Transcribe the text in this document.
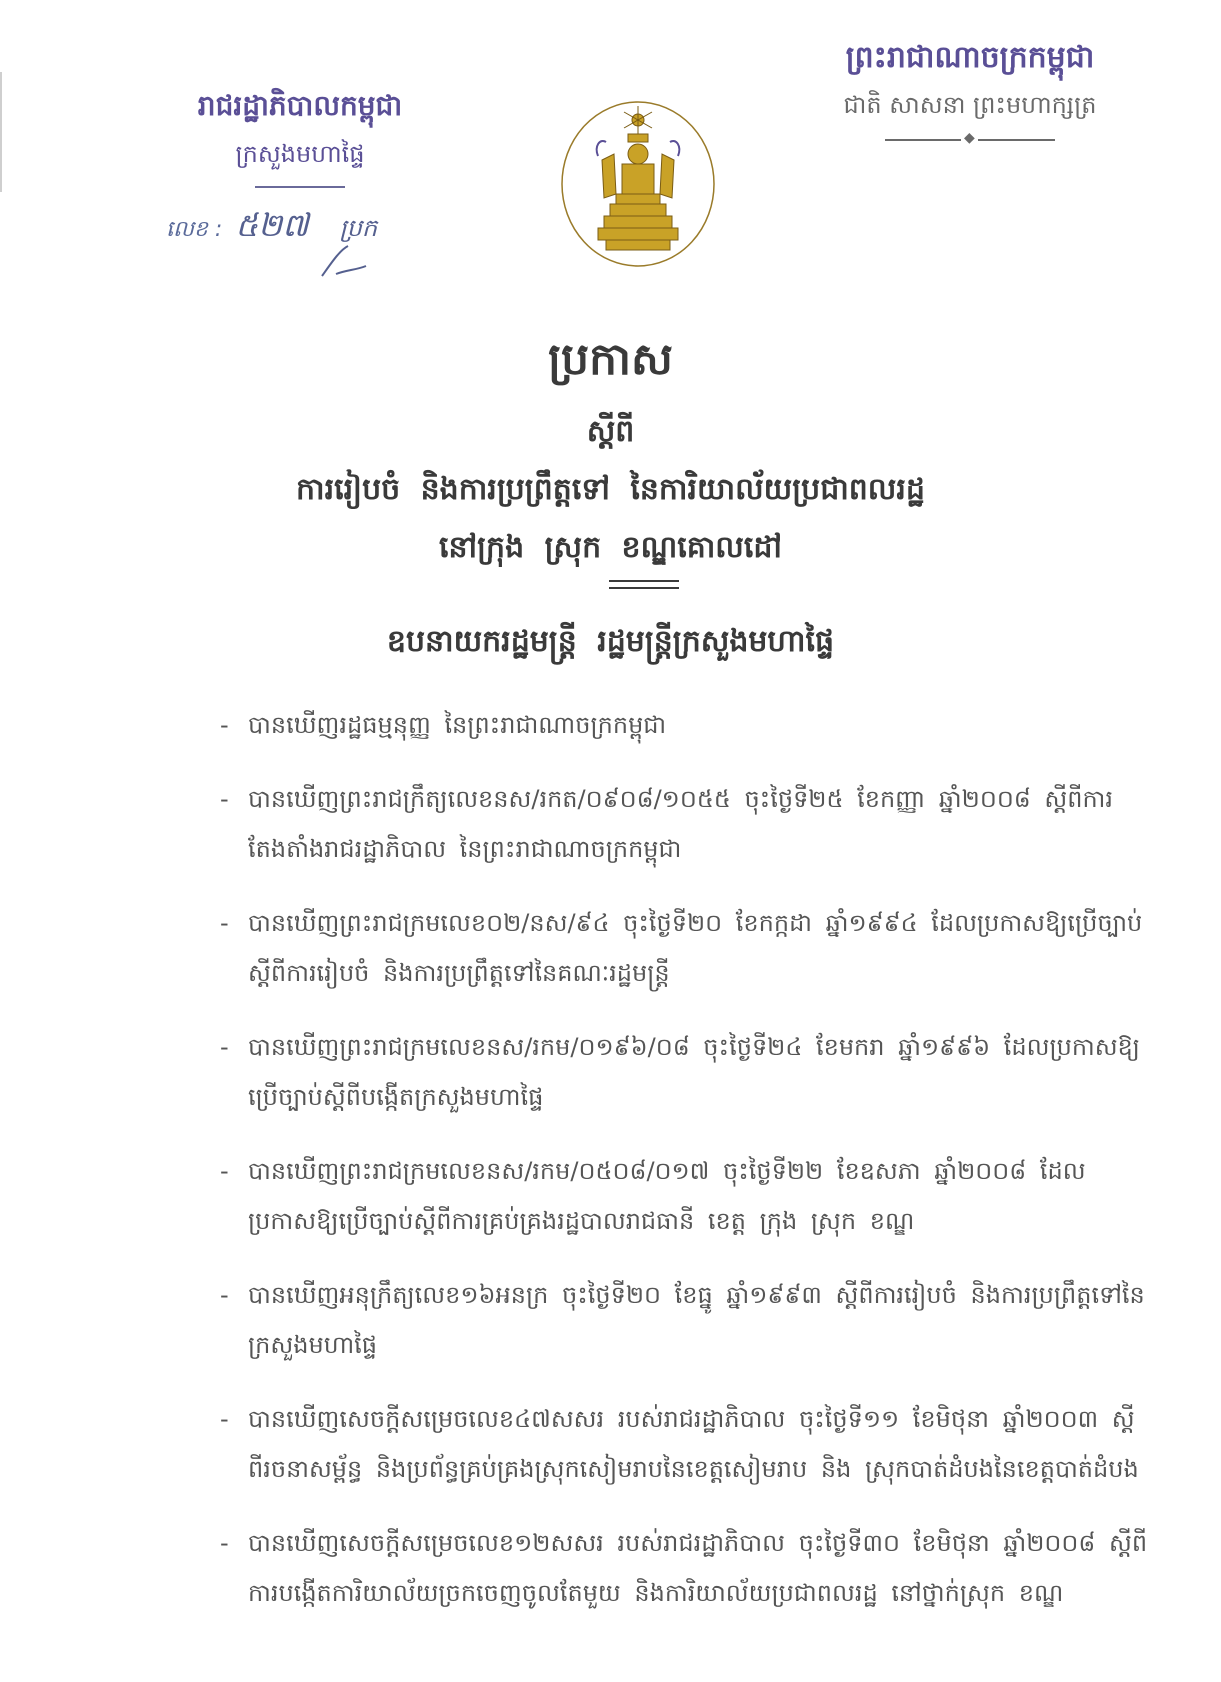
ព្រះរាជាណាចក្រកម្ពុជា
ជាតិ សាសនា ព្រះមហាក្សត្រ
◆
រាជរដ្ឋាភិបាលកម្ពុជា
ក្រសួងមហាផ្ទៃ
លេខ : ៥២៧ ប្រក
ប្រកាស
ស្តីពី
ការរៀបចំ និងការប្រព្រឹត្តទៅ នៃការិយាល័យប្រជាពលរដ្ឋ
នៅក្រុង ស្រុក ខណ្ឌគោលដៅ
ឧបនាយករដ្ឋមន្ត្រី រដ្ឋមន្ត្រីក្រសួងមហាផ្ទៃ
- បានឃើញរដ្ឋធម្មនុញ្ញ នៃព្រះរាជាណាចក្រកម្ពុជា
- បានឃើញព្រះរាជក្រឹត្យលេខនស/រកត/០៩០៨/១០៥៥ ចុះថ្ងៃទី២៥ ខែកញ្ញា ឆ្នាំ២០០៨ ស្តីពីការតែងតាំងរាជរដ្ឋាភិបាល នៃព្រះរាជាណាចក្រកម្ពុជា
- បានឃើញព្រះរាជក្រមលេខ០២/នស/៩៤ ចុះថ្ងៃទី២០ ខែកក្កដា ឆ្នាំ១៩៩៤ ដែលប្រកាសឱ្យប្រើច្បាប់ស្តីពីការរៀបចំ និងការប្រព្រឹត្តទៅនៃគណៈរដ្ឋមន្ត្រី
- បានឃើញព្រះរាជក្រមលេខនស/រកម/០១៩៦/០៨ ចុះថ្ងៃទី២៤ ខែមករា ឆ្នាំ១៩៩៦ ដែលប្រកាសឱ្យប្រើច្បាប់ស្តីពីបង្កើតក្រសួងមហាផ្ទៃ
- បានឃើញព្រះរាជក្រមលេខនស/រកម/០៥០៨/០១៧ ចុះថ្ងៃទី២២ ខែឧសភា ឆ្នាំ២០០៨ ដែលប្រកាសឱ្យប្រើច្បាប់ស្តីពីការគ្រប់គ្រងរដ្ឋបាលរាជធានី ខេត្ត ក្រុង ស្រុក ខណ្ឌ
- បានឃើញអនុក្រឹត្យលេខ១៦អនក្រ ចុះថ្ងៃទី២០ ខែធ្នូ ឆ្នាំ១៩៩៣ ស្តីពីការរៀបចំ និងការប្រព្រឹត្តទៅនៃក្រសួងមហាផ្ទៃ
- បានឃើញសេចក្តីសម្រេចលេខ៤៧សសរ របស់រាជរដ្ឋាភិបាល ចុះថ្ងៃទី១១ ខែមិថុនា ឆ្នាំ២០០៣ ស្តីពីរចនាសម្ព័ន្ធ និងប្រព័ន្ធគ្រប់គ្រងស្រុកសៀមរាបនៃខេត្តសៀមរាប និង ស្រុកបាត់ដំបងនៃខេត្តបាត់ដំបង
- បានឃើញសេចក្តីសម្រេចលេខ១២សសរ របស់រាជរដ្ឋាភិបាល ចុះថ្ងៃទី៣០ ខែមិថុនា ឆ្នាំ២០០៨ ស្តីពីការបង្កើតការិយាល័យច្រកចេញចូលតែមួយ និងការិយាល័យប្រជាពលរដ្ឋ នៅថ្នាក់ស្រុក ខណ្ឌ
